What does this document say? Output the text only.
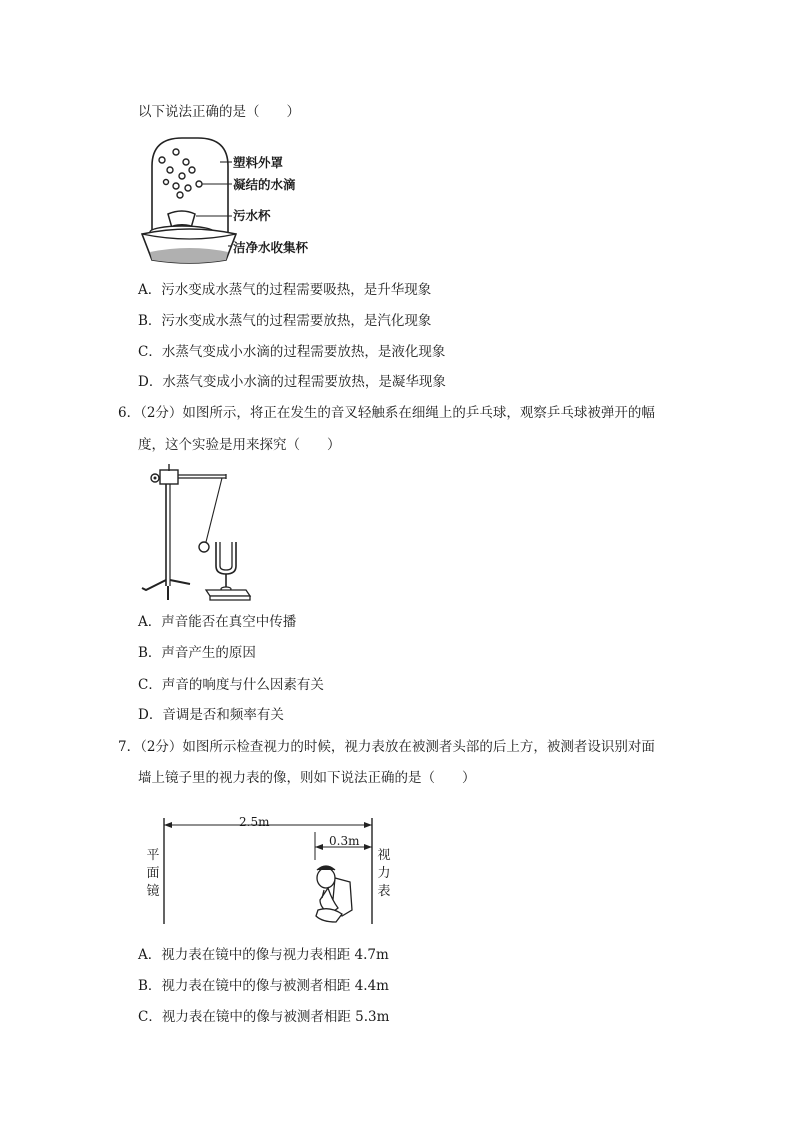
以下说法正确的是（　　）
塑料外罩
凝结的水滴
污水杯
洁净水收集杯
A．污水变成水蒸气的过程需要吸热，是升华现象
B．污水变成水蒸气的过程需要放热，是汽化现象
C．水蒸气变成小水滴的过程需要放热，是液化现象
D．水蒸气变成小水滴的过程需要放热，是凝华现象
6．（2分）如图所示，将正在发生的音叉轻触系在细绳上的乒乓球，观察乒乓球被弹开的幅
度，这个实验是用来探究（　　）
A．声音能否在真空中传播
B．声音产生的原因
C．声音的响度与什么因素有关
D．音调是否和频率有关
7．（2分）如图所示检查视力的时候，视力表放在被测者头部的后上方，被测者设识别对面
墙上镜子里的视力表的像，则如下说法正确的是（　　）
2.5m
0.3m
平面镜
视力表
A．视力表在镜中的像与视力表相距 4.7m
B．视力表在镜中的像与被测者相距 4.4m
C．视力表在镜中的像与被测者相距 5.3m
